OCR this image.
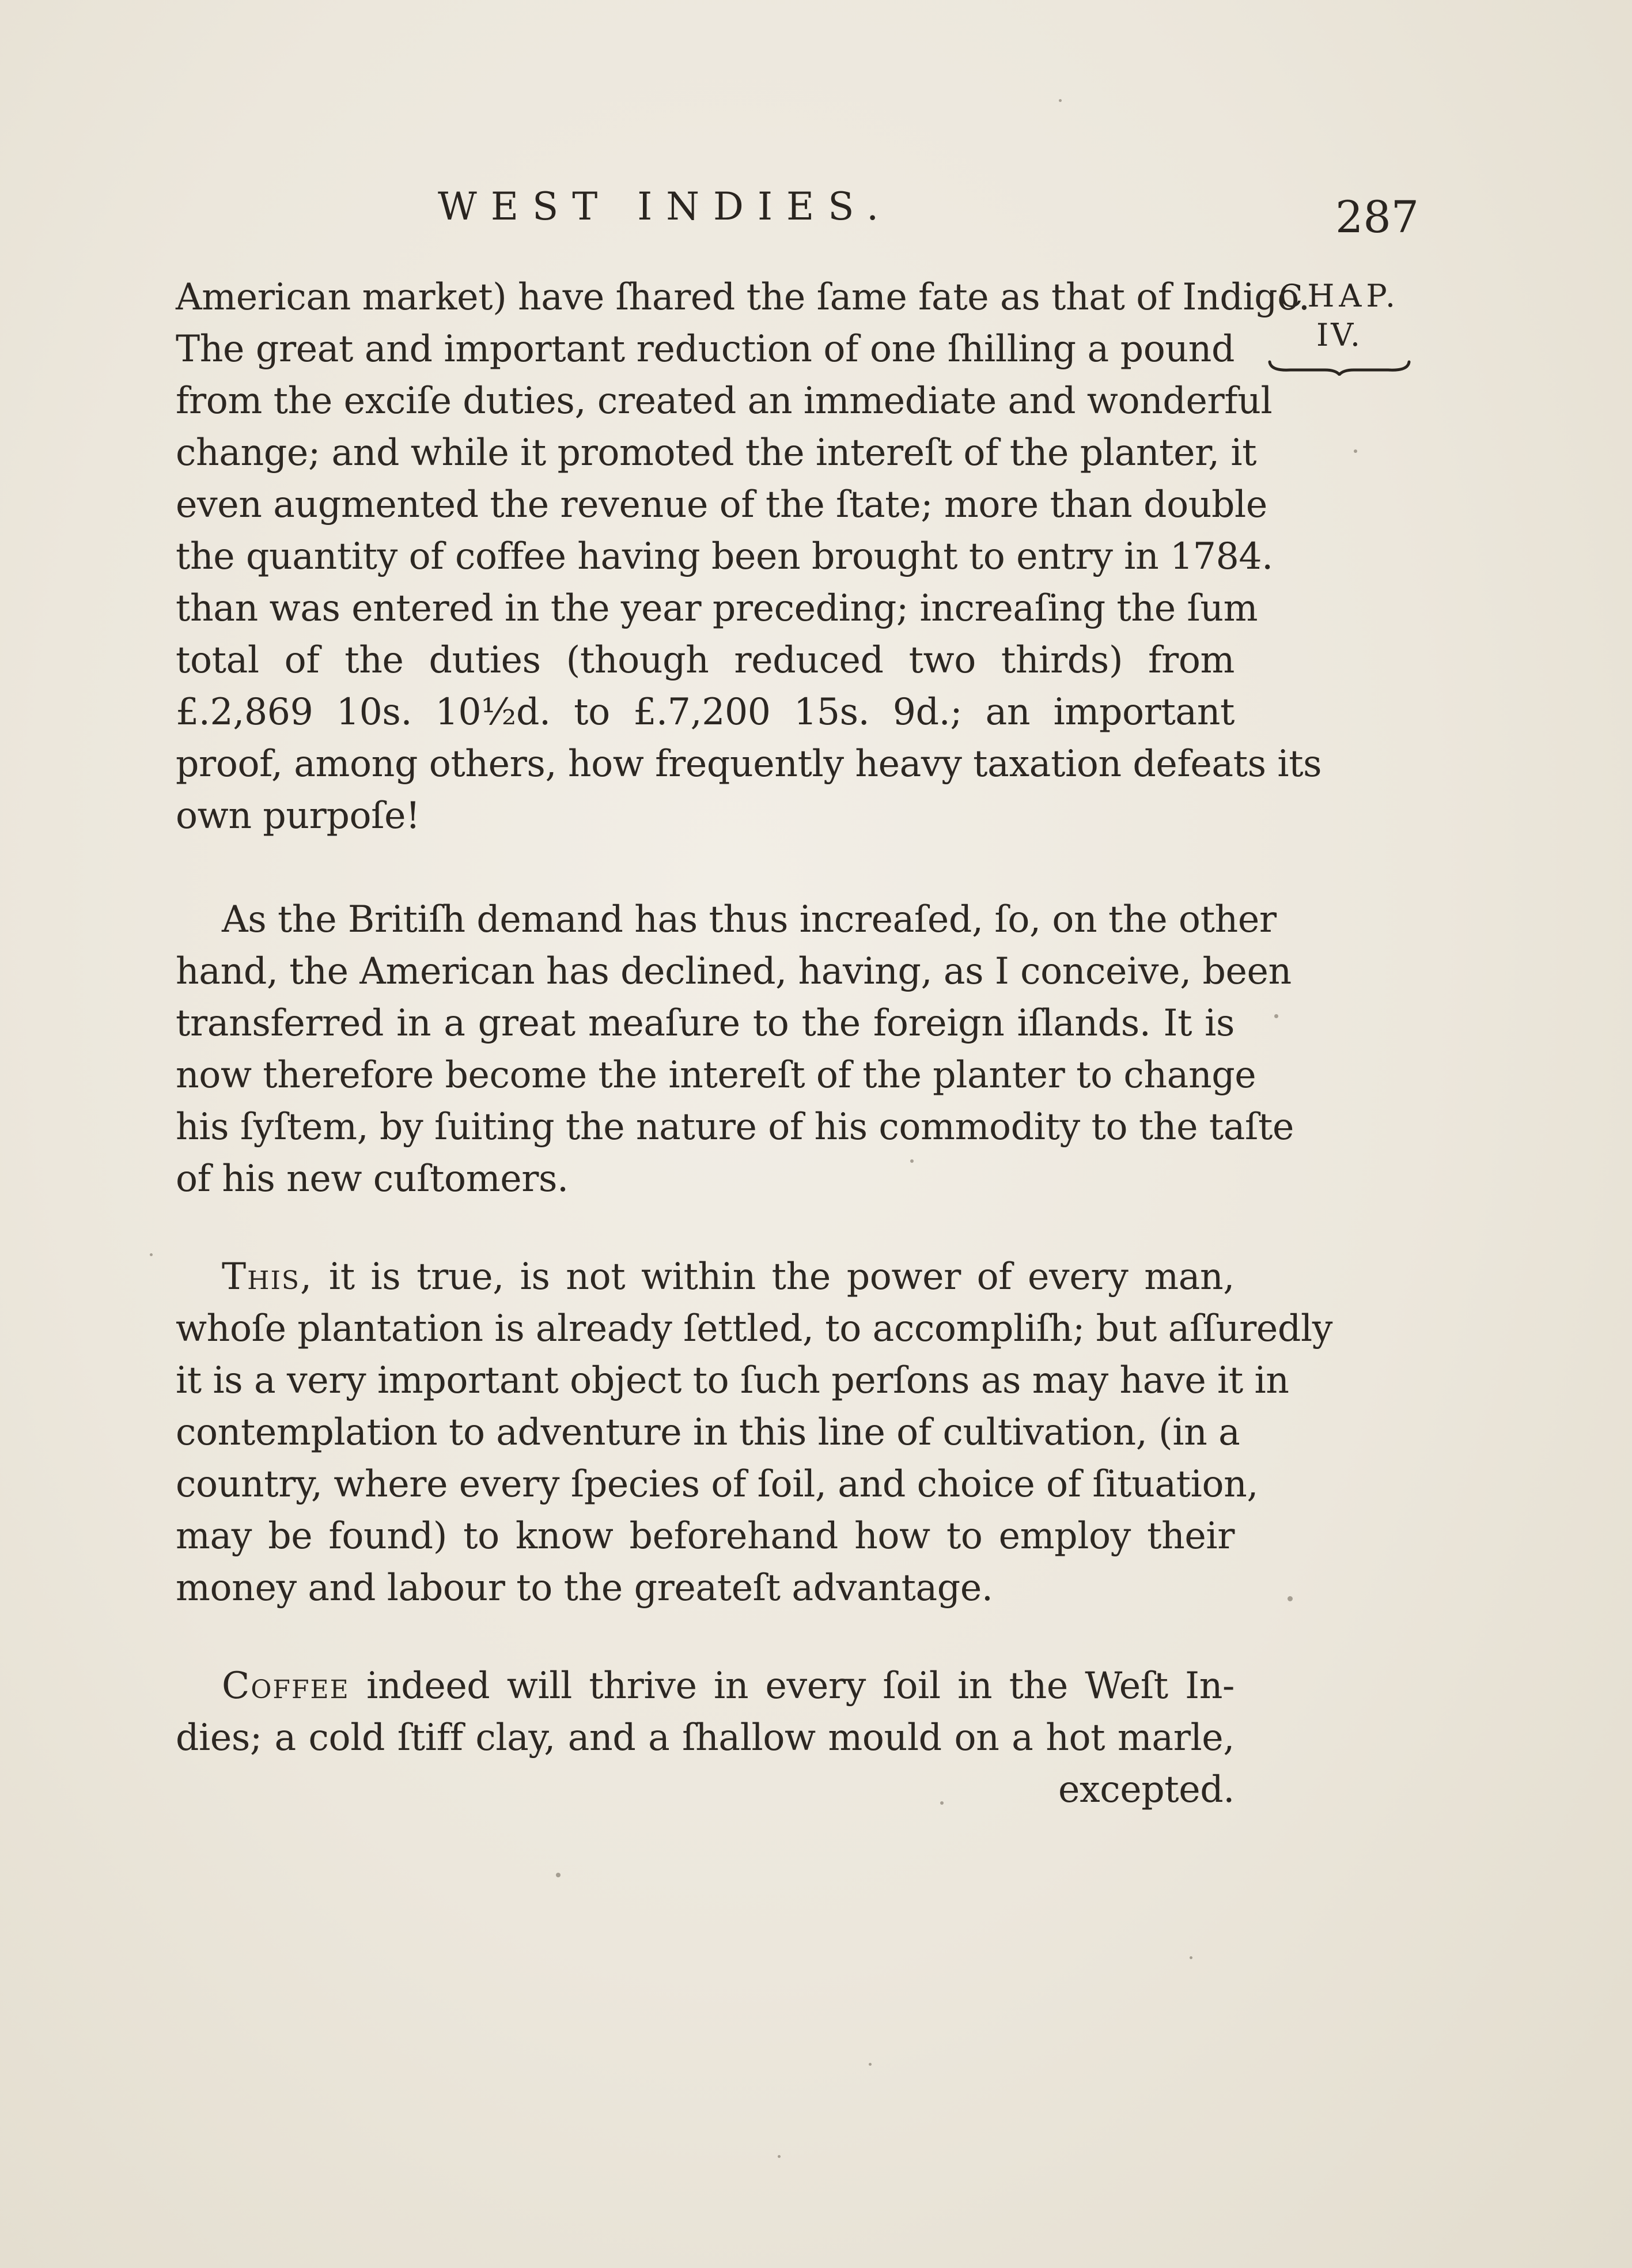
WEST INDIES.	287
CHAP.
IV.
American market) have ſhared the ſame fate as that of Indigo.
The great and important reduction of one ſhilling a pound
from the exciſe duties, created an immediate and wonderful
change; and while it promoted the intereſt of the planter, it
even augmented the revenue of the ſtate; more than double
the quantity of coffee having been brought to entry in 1784.
than was entered in the year preceding; increaſing the ſum
total of the duties (though reduced two thirds) from
£.2,869 10s. 10½d. to £.7,200 15s. 9d.; an important
proof, among others, how frequently heavy taxation defeats its
own purpoſe!
As the Britiſh demand has thus increaſed, ſo, on the other
hand, the American has declined, having, as I conceive, been
transferred in a great meaſure to the foreign iſlands. It is
now therefore become the intereſt of the planter to change
his ſyſtem, by ſuiting the nature of his commodity to the taſte
of his new cuſtomers.
This, it is true, is not within the power of every man,
whoſe plantation is already ſettled, to accompliſh; but aſſuredly
it is a very important object to ſuch perſons as may have it in
contemplation to adventure in this line of cultivation, (in a
country, where every ſpecies of ſoil, and choice of ſituation,
may be found) to know beforehand how to employ their
money and labour to the greateſt advantage.
Coffee indeed will thrive in every ſoil in the Weſt In-
dies; a cold ſtiff clay, and a ſhallow mould on a hot marle,
excepted.
